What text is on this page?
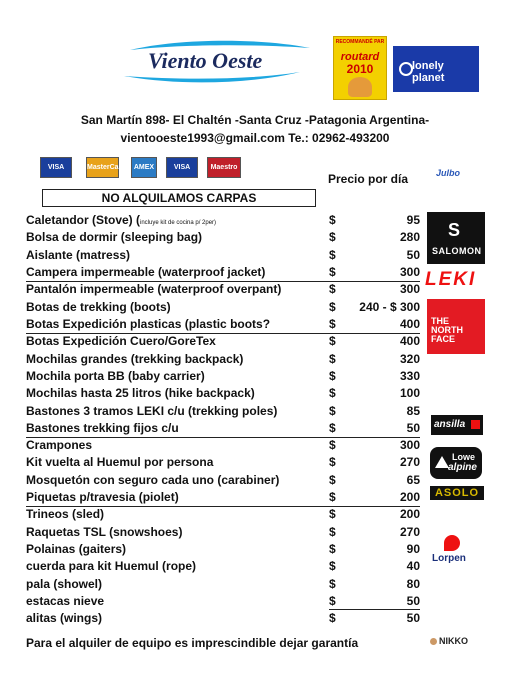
Viento Oeste
RECOMMANDÉ PAR
routard
2010	lonely planet
San Martín 898- El Chaltén -Santa Cruz -Patagonia Argentina-
vientooeste1993@gmail.com Te.: 02962-493200
VISA	MasterCard	AMEX	VISA Electron
Maestro
Precio por día	Julbo
NO ALQUILAMOS CARPAS
Caletandor (Stove) (incluye kit de cocina p/ 2per)	$	95
Bolsa de dormir (sleeping bag)	$	280
Aislante (matress)	$	50
Campera impermeable (waterproof jacket)	$	300
Pantalón impermeable (waterproof overpant)	$	300
Botas de trekking (boots)	$ 240 - $ 300
Botas Expedición plasticas (plastic boots?	$	400
Botas Expedición Cuero/GoreTex	$	400
Mochilas grandes (trekking backpack)	$	320
Mochila porta BB (baby carrier)	$	330
Mochilas hasta 25 litros (hike backpack)	$	100
Bastones 3 tramos LEKI c/u (trekking poles)	$	85
Bastones trekking fijos c/u	$	50
Crampones	$	300
Kit vuelta al Huemul por persona	$	270
Mosquetón con seguro cada uno (carabiner)	$	65
Piquetas p/travesia (piolet)	$	200
Trineos (sled)	$	200
Raquetas TSL (snowshoes)	$	270
Polainas (gaiters)	$	90
cuerda para kit Huemul (rope)	$	40
pala (showel)	$	80
estacas nieve	$	50
alitas (wings)	$	50
Para el alquiler de equipo es imprescindible dejar garantía
S
SALOMON
LEKI
THE
NORTH
FACE
ansilla
Lowe
alpine
ASOLO
Lorpen
NIKKO
